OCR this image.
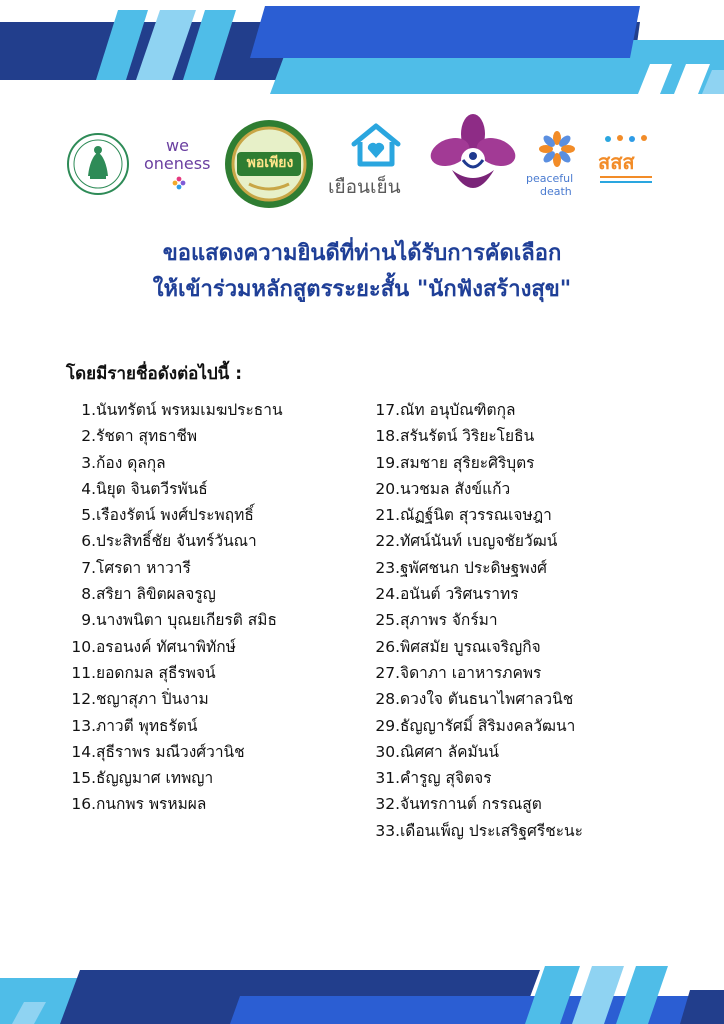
we
oneness	พอเพียง
เยือนเย็น	peaceful
death
สสส
ขอแสดงความยินดีที่ท่านได้รับการคัดเลือก
ให้เข้าร่วมหลักสูตรระยะสั้น "นักฟังสร้างสุข"
โดยมีรายชื่อดังต่อไปนี้ :
1.นันทรัตน์ พรหมเมฆประธาน
2.รัชดา สุทธาชีพ
3.ก้อง ดุลกุล
4.นิยุต จินตวีรพันธ์
5.เรืองรัตน์ พงศ์ประพฤทธิ์
6.ประสิทธิ์ชัย จันทร์วันณา
7.โศรดา หาวารี
8.สริยา ลิขิตผลจรูญ
9.นางพนิตา บุณยเกียรติ สมิธ
10.อรอนงค์ ทัศนาพิทักษ์
11.ยอดกมล สุธีรพจน์
12.ชญาสุภา ปิ่นงาม
13.ภาวตี พุทธรัตน์
14.สุธีราพร มณีวงศ์วานิช
15.ธัญญมาศ เทพญา
16.กนกพร พรหมผล
17.ณัท อนุบัณฑิตกุล
18.สรันรัตน์ วิริยะโยธิน
19.สมชาย สุริยะศิริบุตร
20.นวชมล สังข์แก้ว
21.ณัฏฐ์นิต สุวรรณเจษฎา
22.ทัศน์นันท์ เบญจชัยวัฒน์
23.ฐพัศชนก ประดิษฐพงศ์
24.อนันต์ วริศนราทร
25.สุภาพร จักร์มา
26.พิศสมัย บูรณเจริญกิจ
27.จิดาภา เอาหารภคพร
28.ดวงใจ ตันธนาไพศาลวนิช
29.ธัญญารัศมิ์ สิริมงคลวัฒนา
30.ณิศศา ลัคมันน์
31.คำรูญ สุจิตจร
32.จันทรกานต์ กรรณสูต
33.เดือนเพ็ญ ประเสริฐศรีชะนะ
